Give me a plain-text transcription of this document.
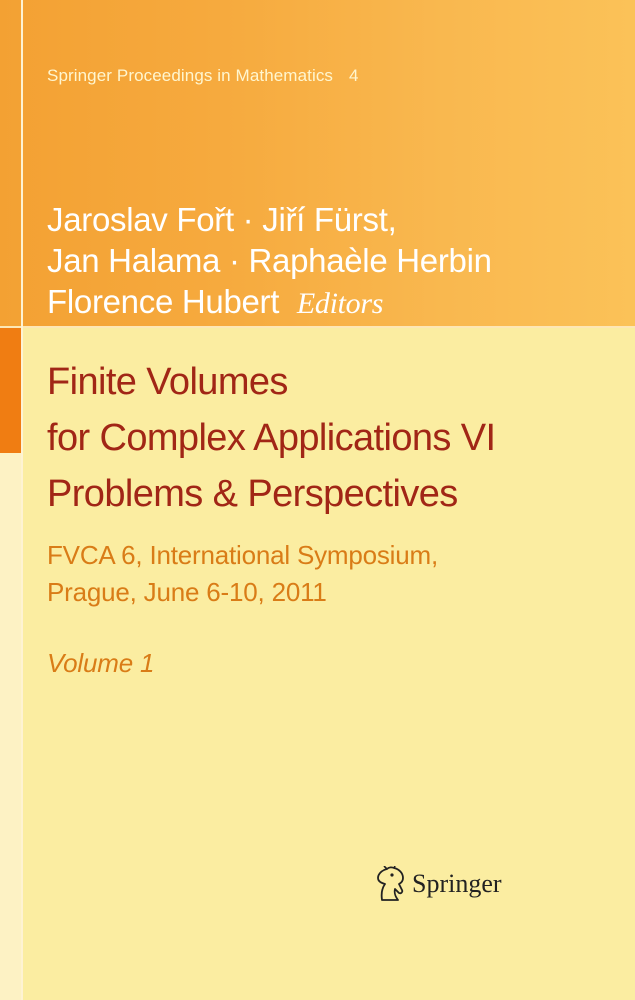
Springer Proceedings in Mathematics 4
Jaroslav Fořt · Jiří Fürst,
Jan Halama · Raphaèle Herbin
Florence Hubert Editors
Finite Volumes
for Complex Applications VI
Problems & Perspectives
FVCA 6, International Symposium,
Prague, June 6-10, 2011
Volume 1
Springer
